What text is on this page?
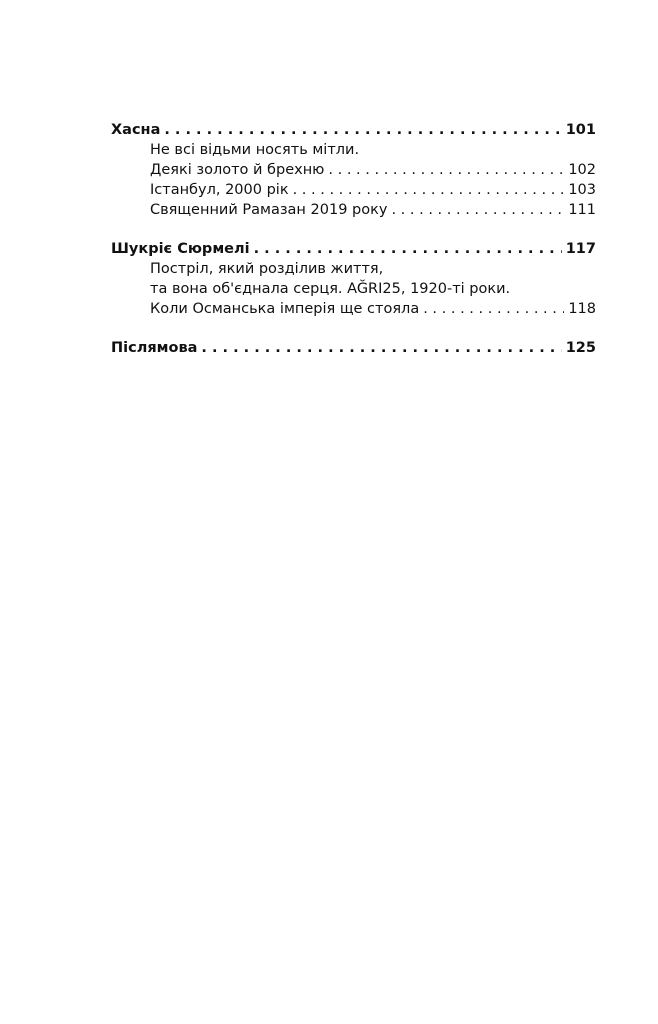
Хасна . . .	101
Не всі відьми носять мітли.
Деякі золото й брехню . . .	102
Істанбул, 2000 рік . . .	103
Священний Рамазан 2019 року . . .	111
Шукріє Сюрмелі . . .	117
Постріл, який розділив життя,
та вона об'єднала серця. AĞRI25, 1920-ті роки.
Коли Османська імперія ще стояла . . .	118
Післямова . . .	125
